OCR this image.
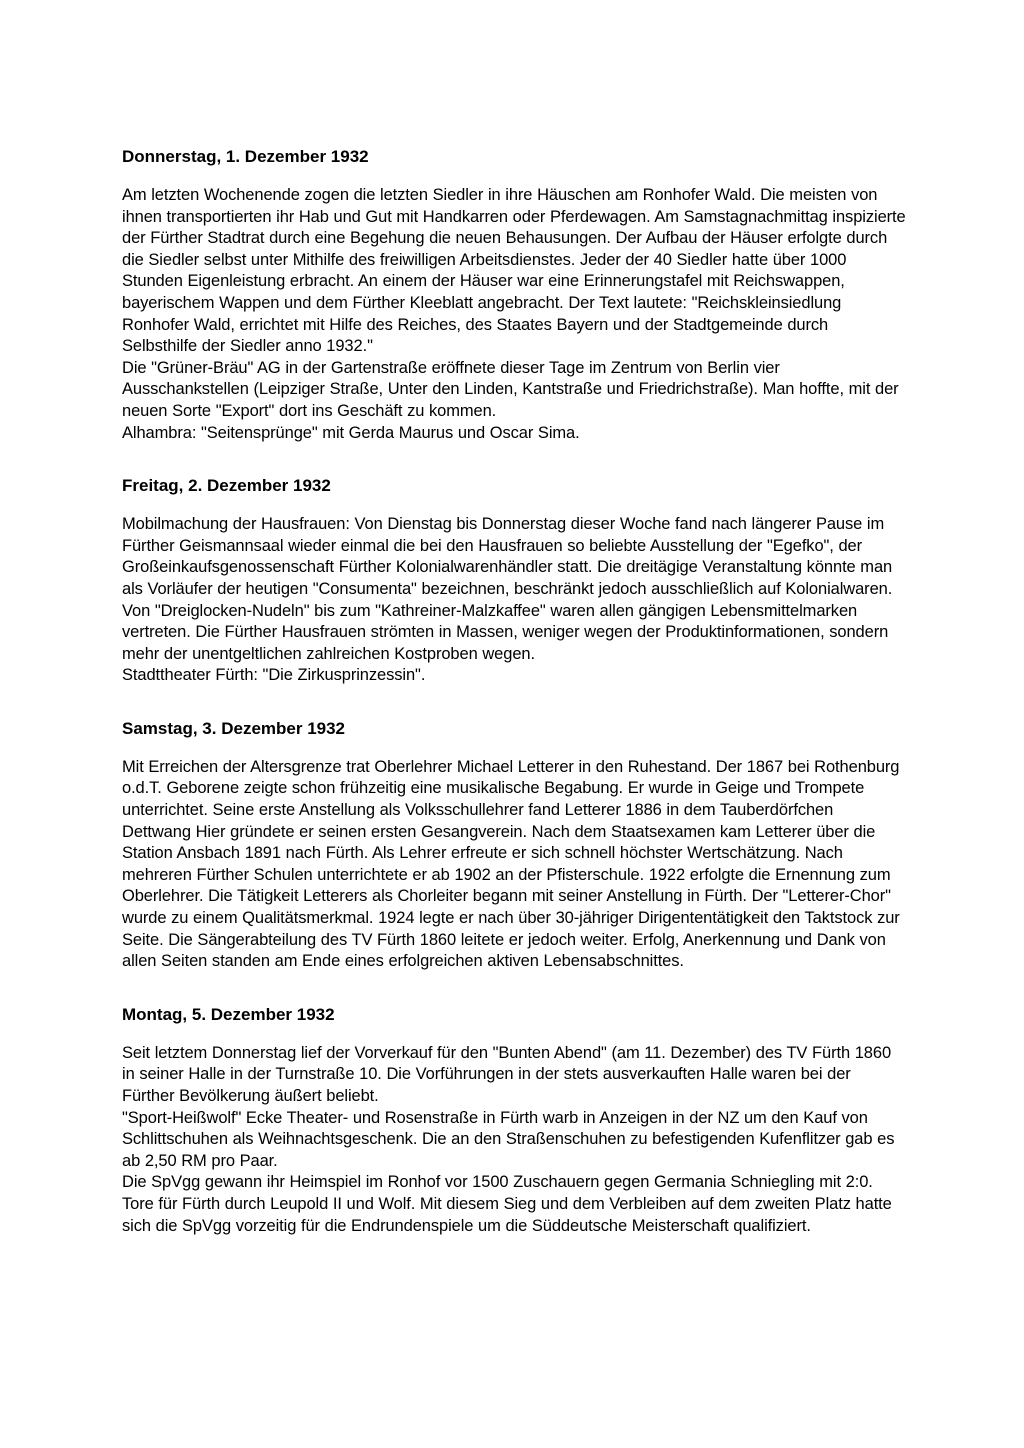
Donnerstag, 1. Dezember 1932

Am letzten Wochenende zogen die letzten Siedler in ihre Häuschen am Ronhofer Wald. Die meisten von ihnen transportierten ihr Hab und Gut mit Handkarren oder Pferdewagen. Am Samstagnachmittag inspizierte der Fürther Stadtrat durch eine Begehung die neuen Behausungen. Der Aufbau der Häuser erfolgte durch die Siedler selbst unter Mithilfe des freiwilligen Arbeitsdienstes. Jeder der 40 Siedler hatte über 1000 Stunden Eigenleistung erbracht. An einem der Häuser war eine Erinnerungstafel mit Reichswappen, bayerischem Wappen und dem Fürther Kleeblatt angebracht. Der Text lautete: "Reichskleinsiedlung Ronhofer Wald, errichtet mit Hilfe des Reiches, des Staates Bayern und der Stadtgemeinde durch Selbsthilfe der Siedler anno 1932."

Die "Grüner-Bräu" AG in der Gartenstraße eröffnete dieser Tage im Zentrum von Berlin vier Ausschankstellen (Leipziger Straße, Unter den Linden, Kantstraße und Friedrichstraße). Man hoffte, mit der neuen Sorte "Export" dort ins Geschäft zu kommen.

Alhambra: "Seitensprünge" mit Gerda Maurus und Oscar Sima.

Freitag, 2. Dezember 1932

Mobilmachung der Hausfrauen: Von Dienstag bis Donnerstag dieser Woche fand nach längerer Pause im Fürther Geismannsaal wieder einmal die bei den Hausfrauen so beliebte Ausstellung der "Egefko", der Großeinkaufsgenossenschaft Fürther Kolonialwarenhändler statt. Die dreitägige Veranstaltung könnte man als Vorläufer der heutigen "Consumenta" bezeichnen, beschränkt jedoch ausschließlich auf Kolonialwaren. Von "Dreiglocken-Nudeln" bis zum "Kathreiner-Malzkaffee" waren allen gängigen Lebensmittelmarken vertreten. Die Fürther Hausfrauen strömten in Massen, weniger wegen der Produktinformationen, sondern mehr der unentgeltlichen zahlreichen Kostproben wegen.

Stadttheater Fürth: "Die Zirkusprinzessin".

Samstag, 3. Dezember 1932

Mit Erreichen der Altersgrenze trat Oberlehrer Michael Letterer in den Ruhestand. Der 1867 bei Rothenburg o.d.T. Geborene zeigte schon frühzeitig eine musikalische Begabung. Er wurde in Geige und Trompete unterrichtet. Seine erste Anstellung als Volksschullehrer fand Letterer 1886 in dem Tauberdörfchen Dettwang Hier gründete er seinen ersten Gesangverein. Nach dem Staatsexamen kam Letterer über die Station Ansbach 1891 nach Fürth. Als Lehrer erfreute er sich schnell höchster Wertschätzung. Nach mehreren Fürther Schulen unterrichtete er ab 1902 an der Pfisterschule. 1922 erfolgte die Ernennung zum Oberlehrer. Die Tätigkeit Letterers als Chorleiter begann mit seiner Anstellung in Fürth. Der "Letterer-Chor" wurde zu einem Qualitätsmerkmal. 1924 legte er nach über 30-jähriger Dirigententätigkeit den Taktstock zur Seite. Die Sängerabteilung des TV Fürth 1860 leitete er jedoch weiter. Erfolg, Anerkennung und Dank von allen Seiten standen am Ende eines erfolgreichen aktiven Lebensabschnittes.

Montag, 5. Dezember 1932

Seit letztem Donnerstag lief der Vorverkauf für den "Bunten Abend" (am 11. Dezember) des TV Fürth 1860 in seiner Halle in der Turnstraße 10. Die Vorführungen in der stets ausverkauften Halle waren bei der Fürther Bevölkerung äußert beliebt.

"Sport-Heißwolf" Ecke Theater- und Rosenstraße in Fürth warb in Anzeigen in der NZ um den Kauf von Schlittschuhen als Weihnachtsgeschenk. Die an den Straßenschuhen zu befestigenden Kufenflitzer gab es ab 2,50 RM pro Paar.

Die SpVgg gewann ihr Heimspiel im Ronhof vor 1500 Zuschauern gegen Germania Schniegling mit 2:0. Tore für Fürth durch Leupold II und Wolf. Mit diesem Sieg und dem Verbleiben auf dem zweiten Platz hatte sich die SpVgg vorzeitig für die Endrundenspiele um die Süddeutsche Meisterschaft qualifiziert.
